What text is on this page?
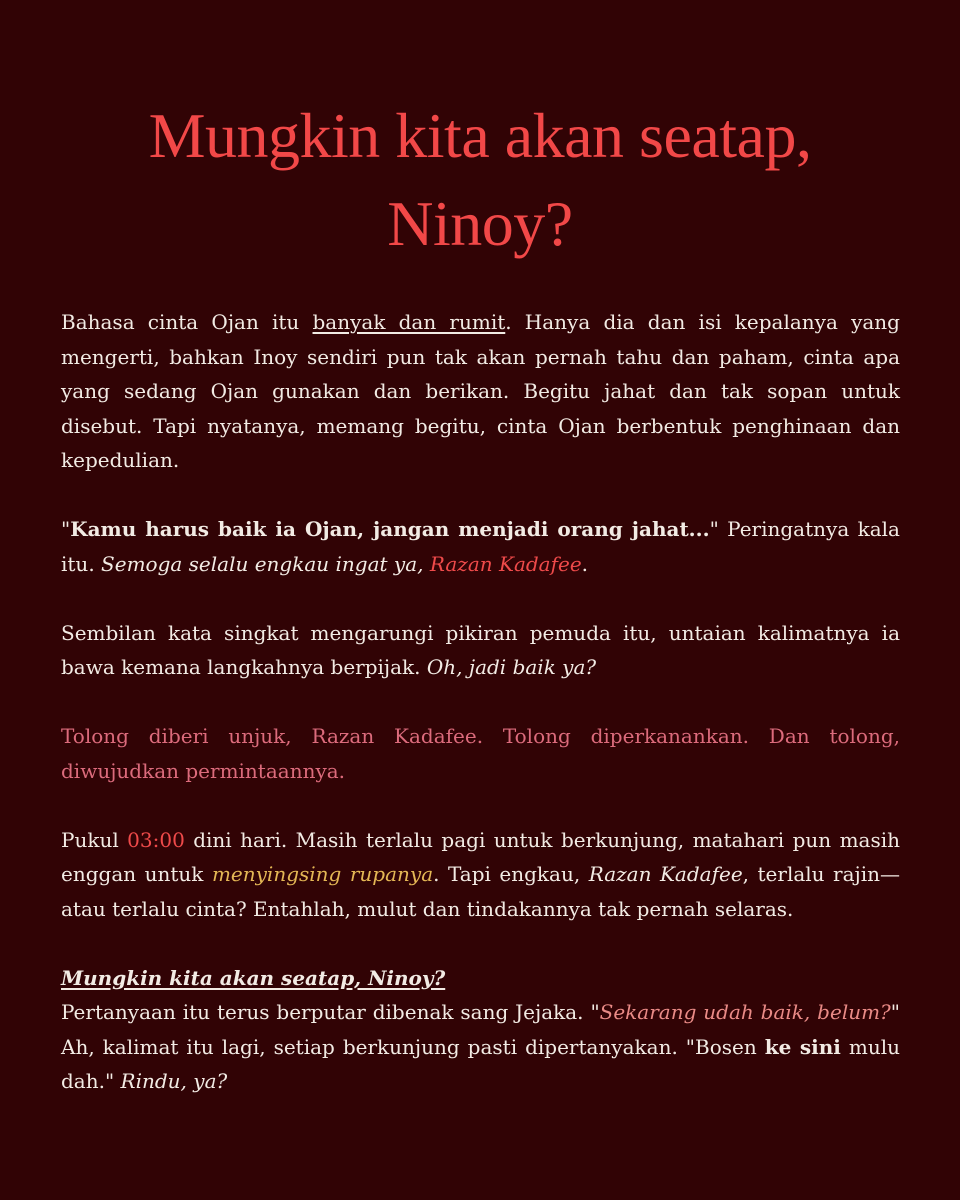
Mungkin kita akan seatap,
Ninoy?

Bahasa cinta Ojan itu banyak dan rumit. Hanya dia dan isi kepalanya yang mengerti, bahkan Inoy sendiri pun tak akan pernah tahu dan paham, cinta apa yang sedang Ojan gunakan dan berikan. Begitu jahat dan tak sopan untuk disebut. Tapi nyatanya, memang begitu, cinta Ojan berbentuk penghinaan dan kepedulian.

"Kamu harus baik ia Ojan, jangan menjadi orang jahat..." Peringatnya kala itu. Semoga selalu engkau ingat ya, Razan Kadafee.

Sembilan kata singkat mengarungi pikiran pemuda itu, untaian kalimatnya ia bawa kemana langkahnya berpijak. Oh, jadi baik ya?

Tolong diberi unjuk, Razan Kadafee. Tolong diperkanankan. Dan tolong, diwujudkan permintaannya.

Pukul 03:00 dini hari. Masih terlalu pagi untuk berkunjung, matahari pun masih enggan untuk menyingsing rupanya. Tapi engkau, Razan Kadafee, terlalu rajin—atau terlalu cinta? Entahlah, mulut dan tindakannya tak pernah selaras.

Mungkin kita akan seatap, Ninoy?
Pertanyaan itu terus berputar dibenak sang Jejaka. "Sekarang udah baik, belum?" Ah, kalimat itu lagi, setiap berkunjung pasti dipertanyakan. "Bosen ke sini mulu dah." Rindu, ya?
